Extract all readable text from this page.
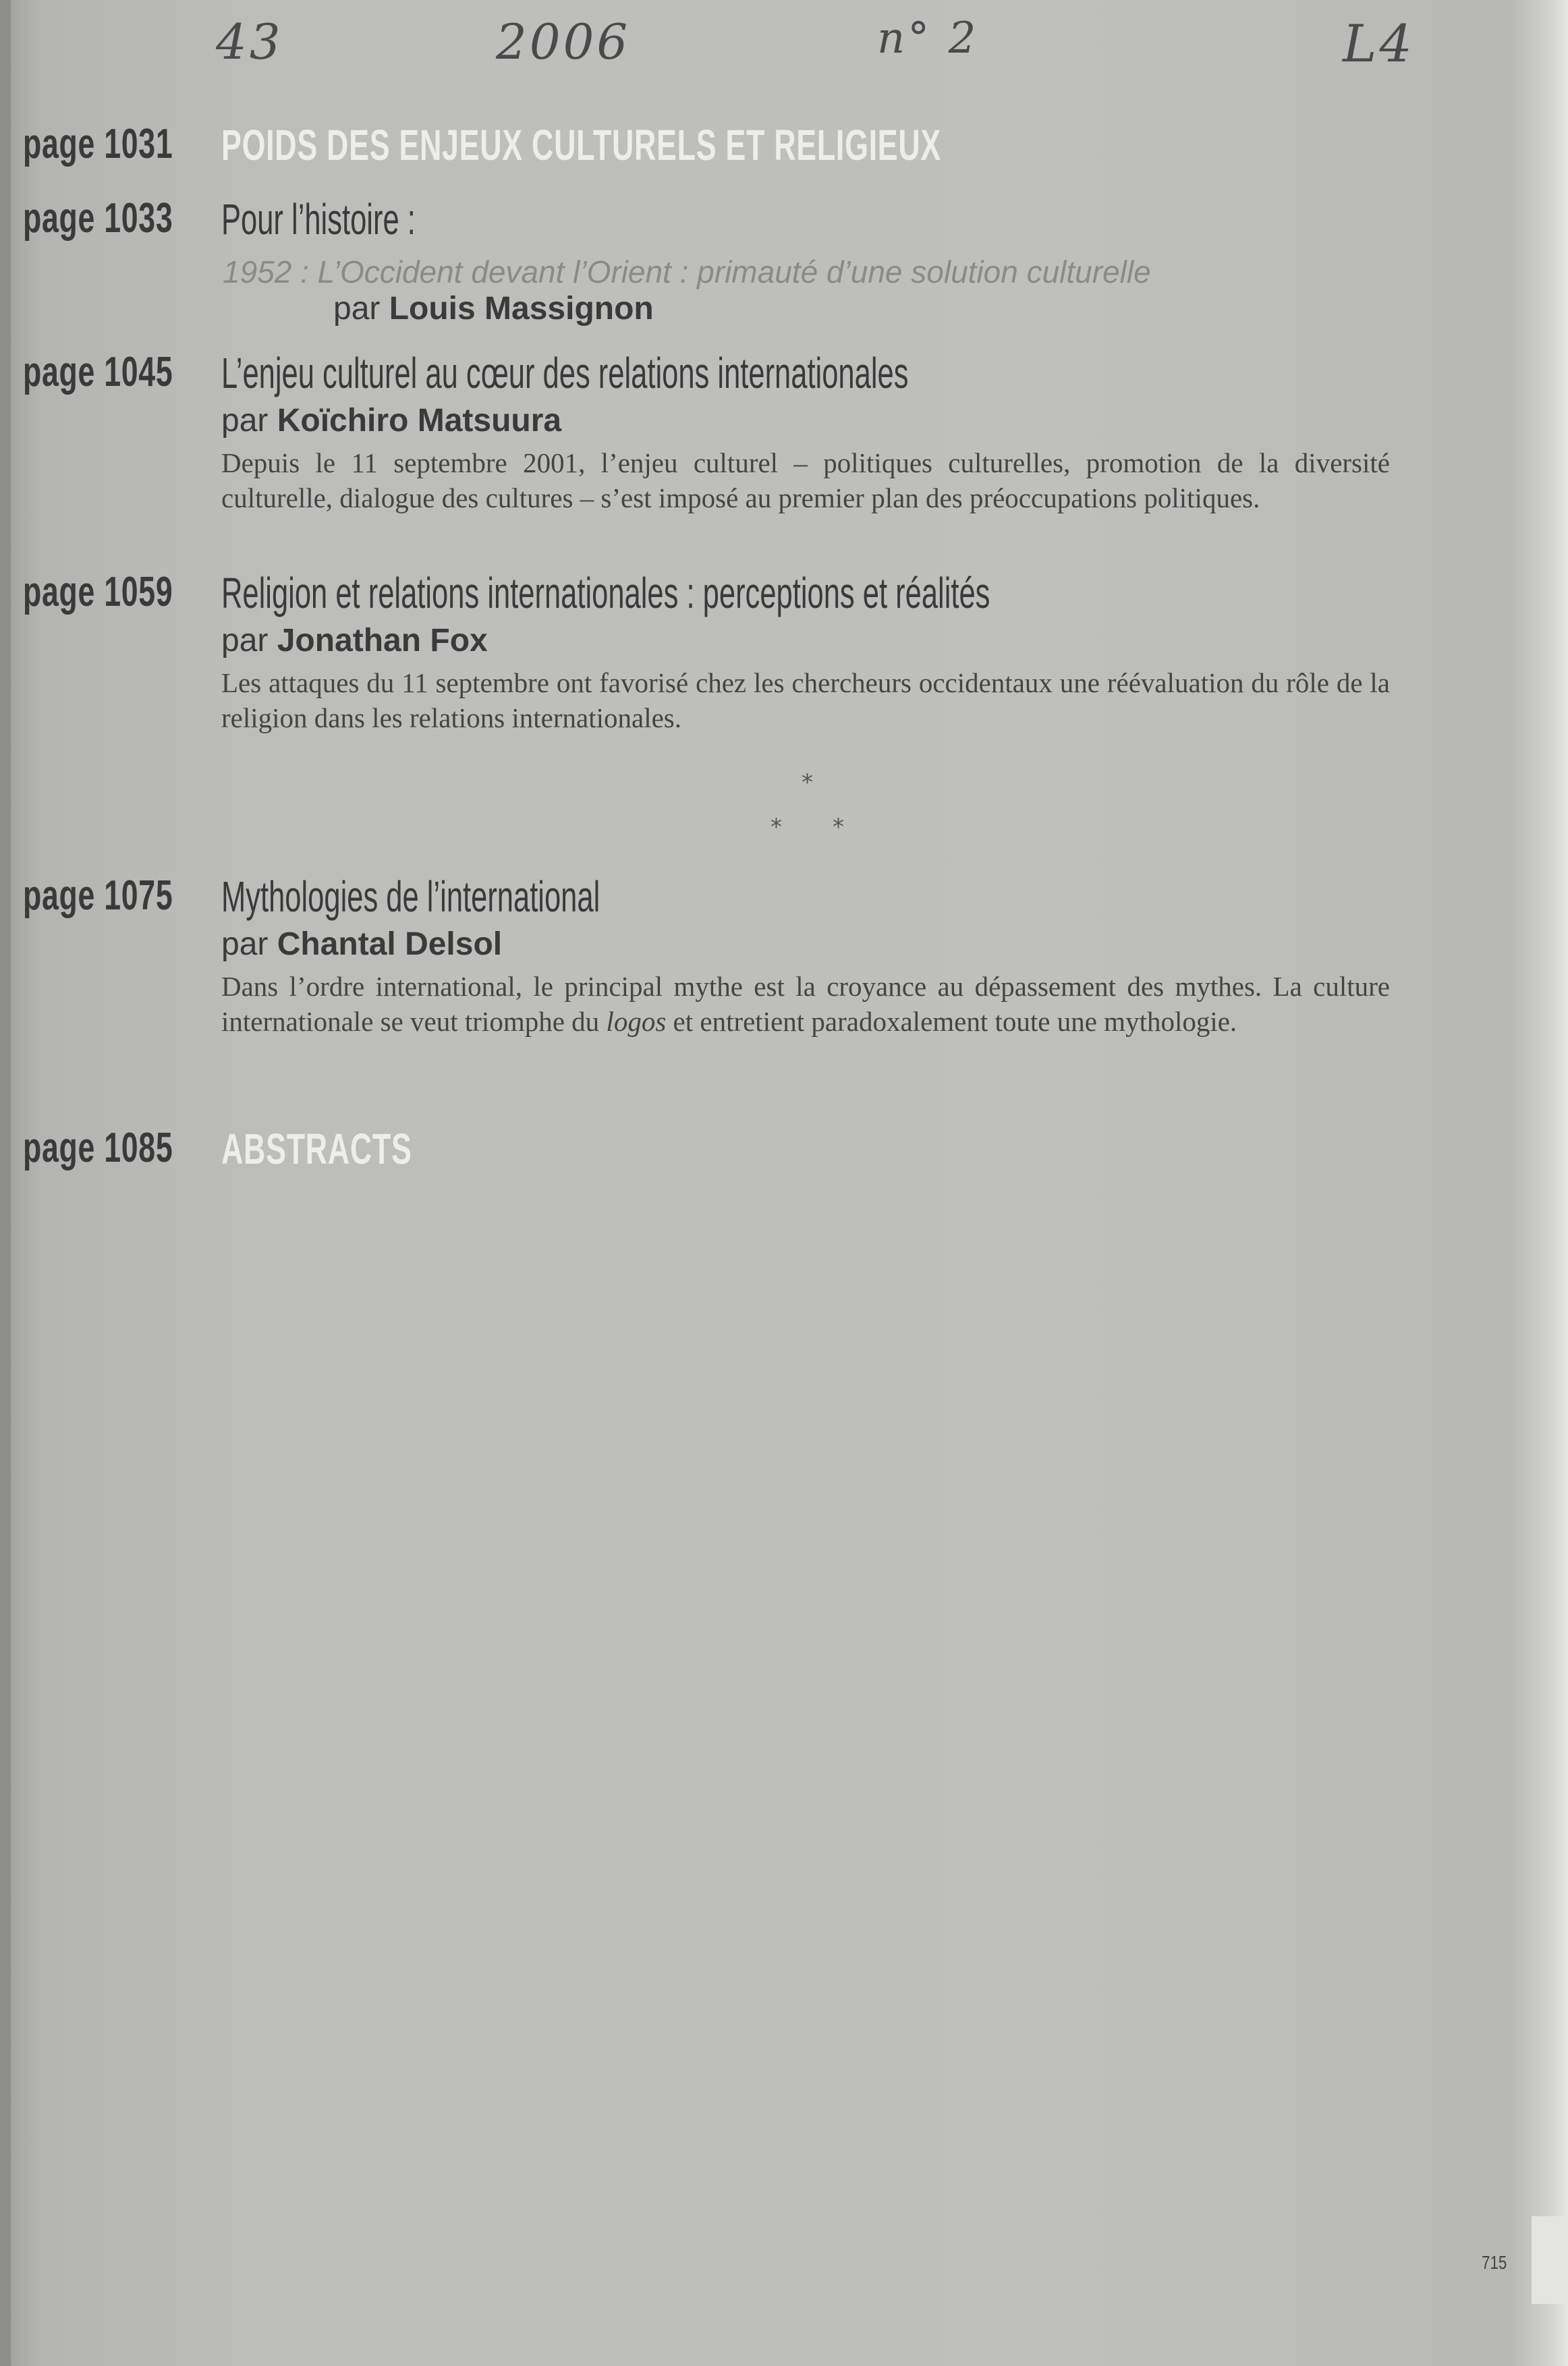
43	2006	n° 2	L4
page 1031 POIDS DES ENJEUX CULTURELS ET RELIGIEUX
page 1033 Pour l’histoire :
1952 : L’Occident devant l’Orient : primauté d’une solution culturelle
par Louis Massignon
page 1045 L’enjeu culturel au cœur des relations internationales
par Koïchiro Matsuura
Depuis le 11 septembre 2001, l’enjeu culturel – politiques culturelles, promotion de la diversité culturelle, dialogue des cultures – s’est imposé au premier plan des préoccupations politiques.
page 1059 Religion et relations internationales : perceptions et réalités
par Jonathan Fox
Les attaques du 11 septembre ont favorisé chez les chercheurs occidentaux une réévaluation du rôle de la religion dans les relations internationales.
*
* *
page 1075 Mythologies de l’international
par Chantal Delsol
Dans l’ordre international, le principal mythe est la croyance au dépassement des mythes. La culture internationale se veut triomphe du logos et entretient paradoxalement toute une mythologie.
page 1085 ABSTRACTS
715
